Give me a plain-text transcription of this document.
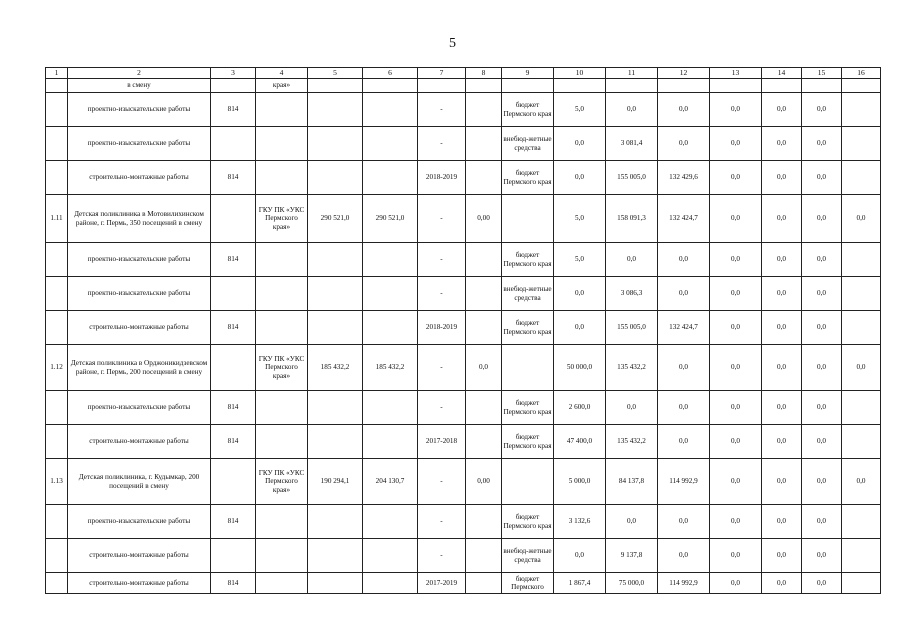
5
1	2	3	4	5	6	7	8	9	10	11	12	13	14	15	16
	в смену		края»												
	проектно-изыскательские работы	814				-		бюджет Пермского края	5,0	0,0	0,0	0,0	0,0	0,0	
	проектно-изыскательские работы					-		внебюд-жетные средства	0,0	3 081,4	0,0	0,0	0,0	0,0	
	строительно-монтажные работы	814				2018-2019		бюджет Пермского края	0,0	155 005,0	132 429,6	0,0	0,0	0,0	
1.11	Детская поликлиника в Мотовилихинском районе, г. Пермь, 350 посещений в смену		ГКУ ПК «УКС Пермского края»	290 521,0	290 521,0	-	0,00		5,0	158 091,3	132 424,7	0,0	0,0	0,0	0,0
	проектно-изыскательские работы	814				-		бюджет Пермского края	5,0	0,0	0,0	0,0	0,0	0,0	
	проектно-изыскательские работы					-		внебюд-жетные средства	0,0	3 086,3	0,0	0,0	0,0	0,0	
	строительно-монтажные работы	814				2018-2019		бюджет Пермского края	0,0	155 005,0	132 424,7	0,0	0,0	0,0	
1.12	Детская поликлиника в Орджоникидзевском районе, г. Пермь, 200 посещений в смену		ГКУ ПК «УКС Пермского края»	185 432,2	185 432,2	-	0,0		50 000,0	135 432,2	0,0	0,0	0,0	0,0	0,0
	проектно-изыскательские работы	814				-		бюджет Пермского края	2 600,0	0,0	0,0	0,0	0,0	0,0	
	строительно-монтажные работы	814				2017-2018		бюджет Пермского края	47 400,0	135 432,2	0,0	0,0	0,0	0,0	
1.13	Детская поликлиника, г. Кудымкар, 200 посещений в смену		ГКУ ПК «УКС Пермского края»	190 294,1	204 130,7	-	0,00		5 000,0	84 137,8	114 992,9	0,0	0,0	0,0	0,0
	проектно-изыскательские работы	814				-		бюджет Пермского края	3 132,6	0,0	0,0	0,0	0,0	0,0	
	строительно-монтажные работы					-		внебюд-жетные средства	0,0	9 137,8	0,0	0,0	0,0	0,0	
	строительно-монтажные работы	814				2017-2019		бюджет Пермского	1 867,4	75 000,0	114 992,9	0,0	0,0	0,0	
